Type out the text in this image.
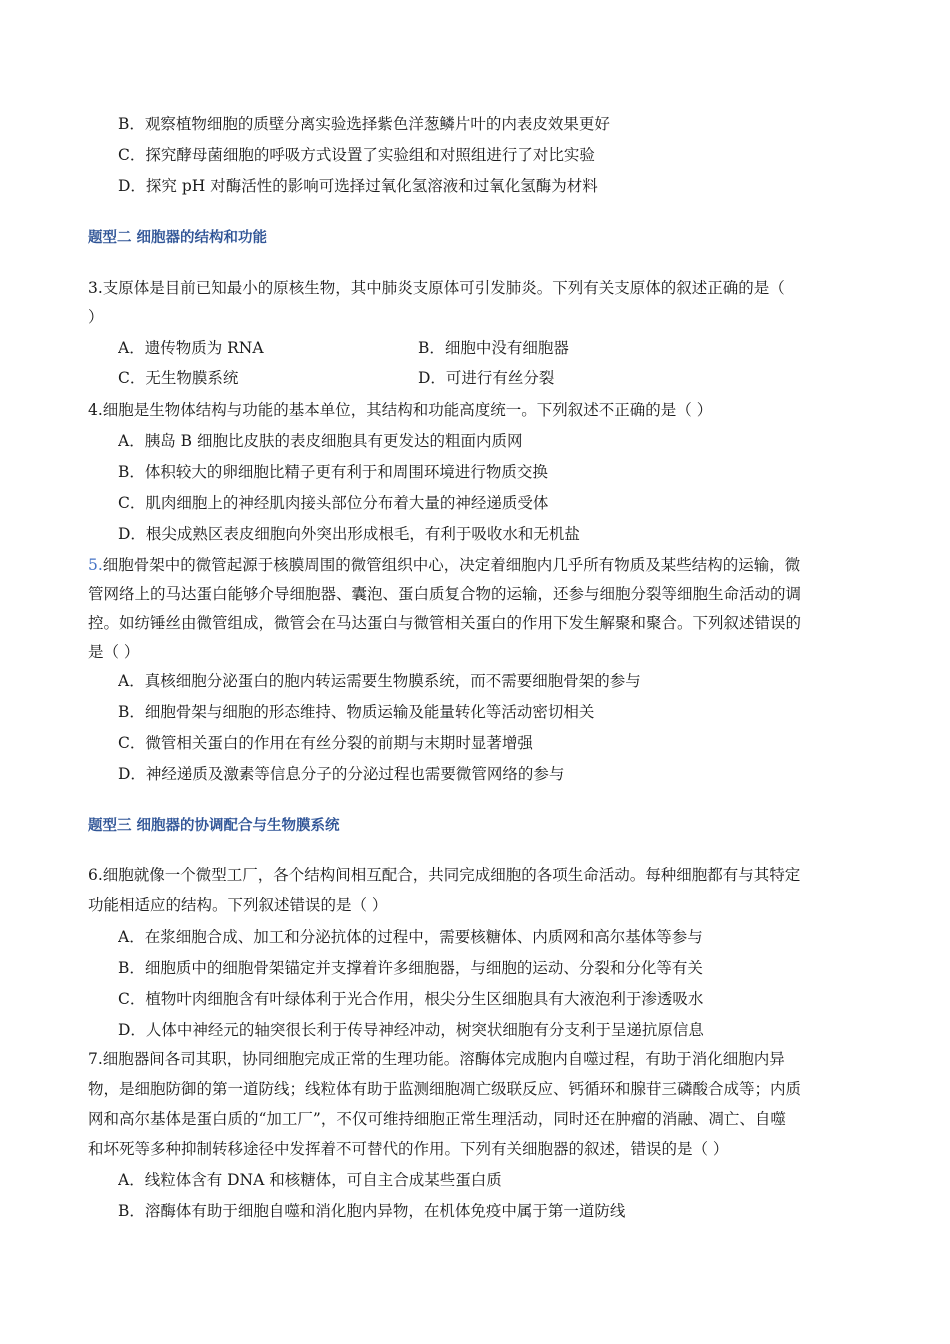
B．观察植物细胞的质壁分离实验选择紫色洋葱鳞片叶的内表皮效果更好
C．探究酵母菌细胞的呼吸方式设置了实验组和对照组进行了对比实验
D．探究 pH 对酶活性的影响可选择过氧化氢溶液和过氧化氢酶为材料
题型二 细胞器的结构和功能
3.支原体是目前已知最小的原核生物，其中肺炎支原体可引发肺炎。下列有关支原体的叙述正确的是（
）
A．遗传物质为 RNA	B．细胞中没有细胞器
C．无生物膜系统	D．可进行有丝分裂
4.细胞是生物体结构与功能的基本单位，其结构和功能高度统一。下列叙述不正确的是（ ）
A．胰岛 B 细胞比皮肤的表皮细胞具有更发达的粗面内质网
B．体积较大的卵细胞比精子更有利于和周围环境进行物质交换
C．肌肉细胞上的神经肌肉接头部位分布着大量的神经递质受体
D．根尖成熟区表皮细胞向外突出形成根毛，有利于吸收水和无机盐
5.细胞骨架中的微管起源于核膜周围的微管组织中心，决定着细胞内几乎所有物质及某些结构的运输，微
管网络上的马达蛋白能够介导细胞器、囊泡、蛋白质复合物的运输，还参与细胞分裂等细胞生命活动的调
控。如纺锤丝由微管组成，微管会在马达蛋白与微管相关蛋白的作用下发生解聚和聚合。下列叙述错误的
是（ ）
A．真核细胞分泌蛋白的胞内转运需要生物膜系统，而不需要细胞骨架的参与
B．细胞骨架与细胞的形态维持、物质运输及能量转化等活动密切相关
C．微管相关蛋白的作用在有丝分裂的前期与末期时显著增强
D．神经递质及激素等信息分子的分泌过程也需要微管网络的参与
题型三 细胞器的协调配合与生物膜系统
6.细胞就像一个微型工厂，各个结构间相互配合，共同完成细胞的各项生命活动。每种细胞都有与其特定
功能相适应的结构。下列叙述错误的是（ ）
A．在浆细胞合成、加工和分泌抗体的过程中，需要核糖体、内质网和高尔基体等参与
B．细胞质中的细胞骨架锚定并支撑着许多细胞器，与细胞的运动、分裂和分化等有关
C．植物叶肉细胞含有叶绿体利于光合作用，根尖分生区细胞具有大液泡利于渗透吸水
D．人体中神经元的轴突很长利于传导神经冲动，树突状细胞有分支利于呈递抗原信息
7.细胞器间各司其职，协同细胞完成正常的生理功能。溶酶体完成胞内自噬过程，有助于消化细胞内异
物，是细胞防御的第一道防线；线粒体有助于监测细胞凋亡级联反应、钙循环和腺苷三磷酸合成等；内质
网和高尔基体是蛋白质的“加工厂”，不仅可维持细胞正常生理活动，同时还在肿瘤的消融、凋亡、自噬
和坏死等多种抑制转移途径中发挥着不可替代的作用。下列有关细胞器的叙述，错误的是（ ）
A．线粒体含有 DNA 和核糖体，可自主合成某些蛋白质
B．溶酶体有助于细胞自噬和消化胞内异物，在机体免疫中属于第一道防线
